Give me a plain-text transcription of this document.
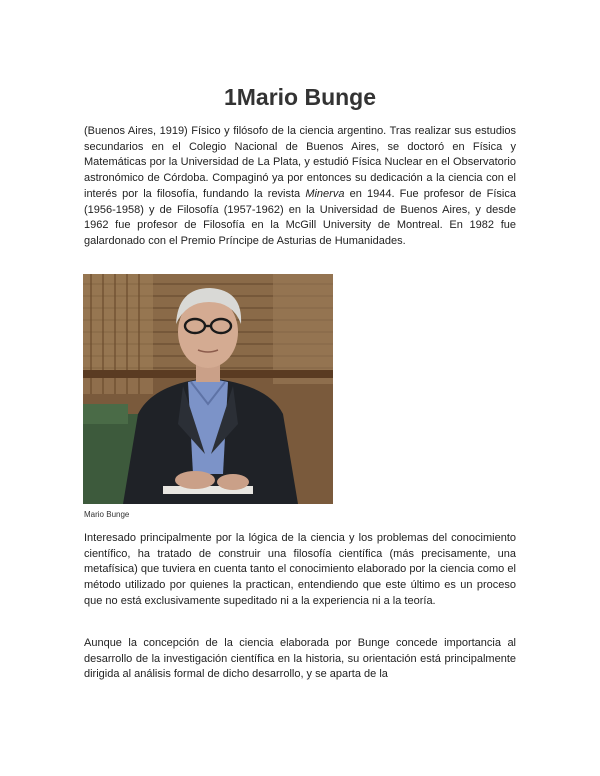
1Mario Bunge

(Buenos Aires, 1919) Físico y filósofo de la ciencia argentino. Tras realizar sus estudios secundarios en el Colegio Nacional de Buenos Aires, se doctoró en Física y Matemáticas por la Universidad de La Plata, y estudió Física Nuclear en el Observatorio astronómico de Córdoba. Compaginó ya por entonces su dedicación a la ciencia con el interés por la filosofía, fundando la revista Minerva en 1944. Fue profesor de Física (1956-1958) y de Filosofía (1957-1962) en la Universidad de Buenos Aires, y desde 1962 fue profesor de Filosofía en la McGill University de Montreal. En 1982 fue galardonado con el Premio Príncipe de Asturias de Humanidades.

Mario Bunge

Interesado principalmente por la lógica de la ciencia y los problemas del conocimiento científico, ha tratado de construir una filosofía científica (más precisamente, una metafísica) que tuviera en cuenta tanto el conocimiento elaborado por la ciencia como el método utilizado por quienes la practican, entendiendo que este último es un proceso que no está exclusivamente supeditado ni a la experiencia ni a la teoría.

Aunque la concepción de la ciencia elaborada por Bunge concede importancia al desarrollo de la investigación científica en la historia, su orientación está principalmente dirigida al análisis formal de dicho desarrollo, y se aparta de la
